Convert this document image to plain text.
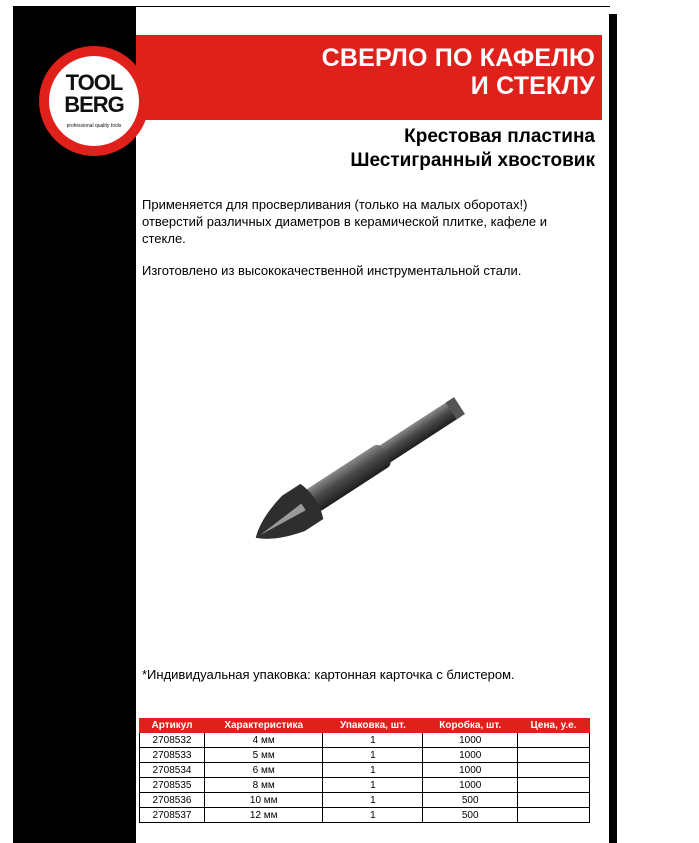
СВЕРЛО ПО КАФЕЛЮ
И СТЕКЛУ
TOOL
BERG
professional quality tools	Крестовая пластина
Шестигранный хвостовик
Применяется для просверливания (только на малых оборотах!) отверстий различных диаметров в керамической плитке, кафеле и стекле.
Изготовлено из высококачественной инструментальной стали.
*Индивидуальная упаковка: картонная карточка с блистером.
Артикул	Характеристика	Упаковка, шт.	Коробка, шт.	Цена, у.е.
2708532	4 мм	1	1000	
2708533	5 мм	1	1000	
2708534	6 мм	1	1000	
2708535	8 мм	1	1000	
2708536	10 мм	1	500	
2708537	12 мм	1	500	
